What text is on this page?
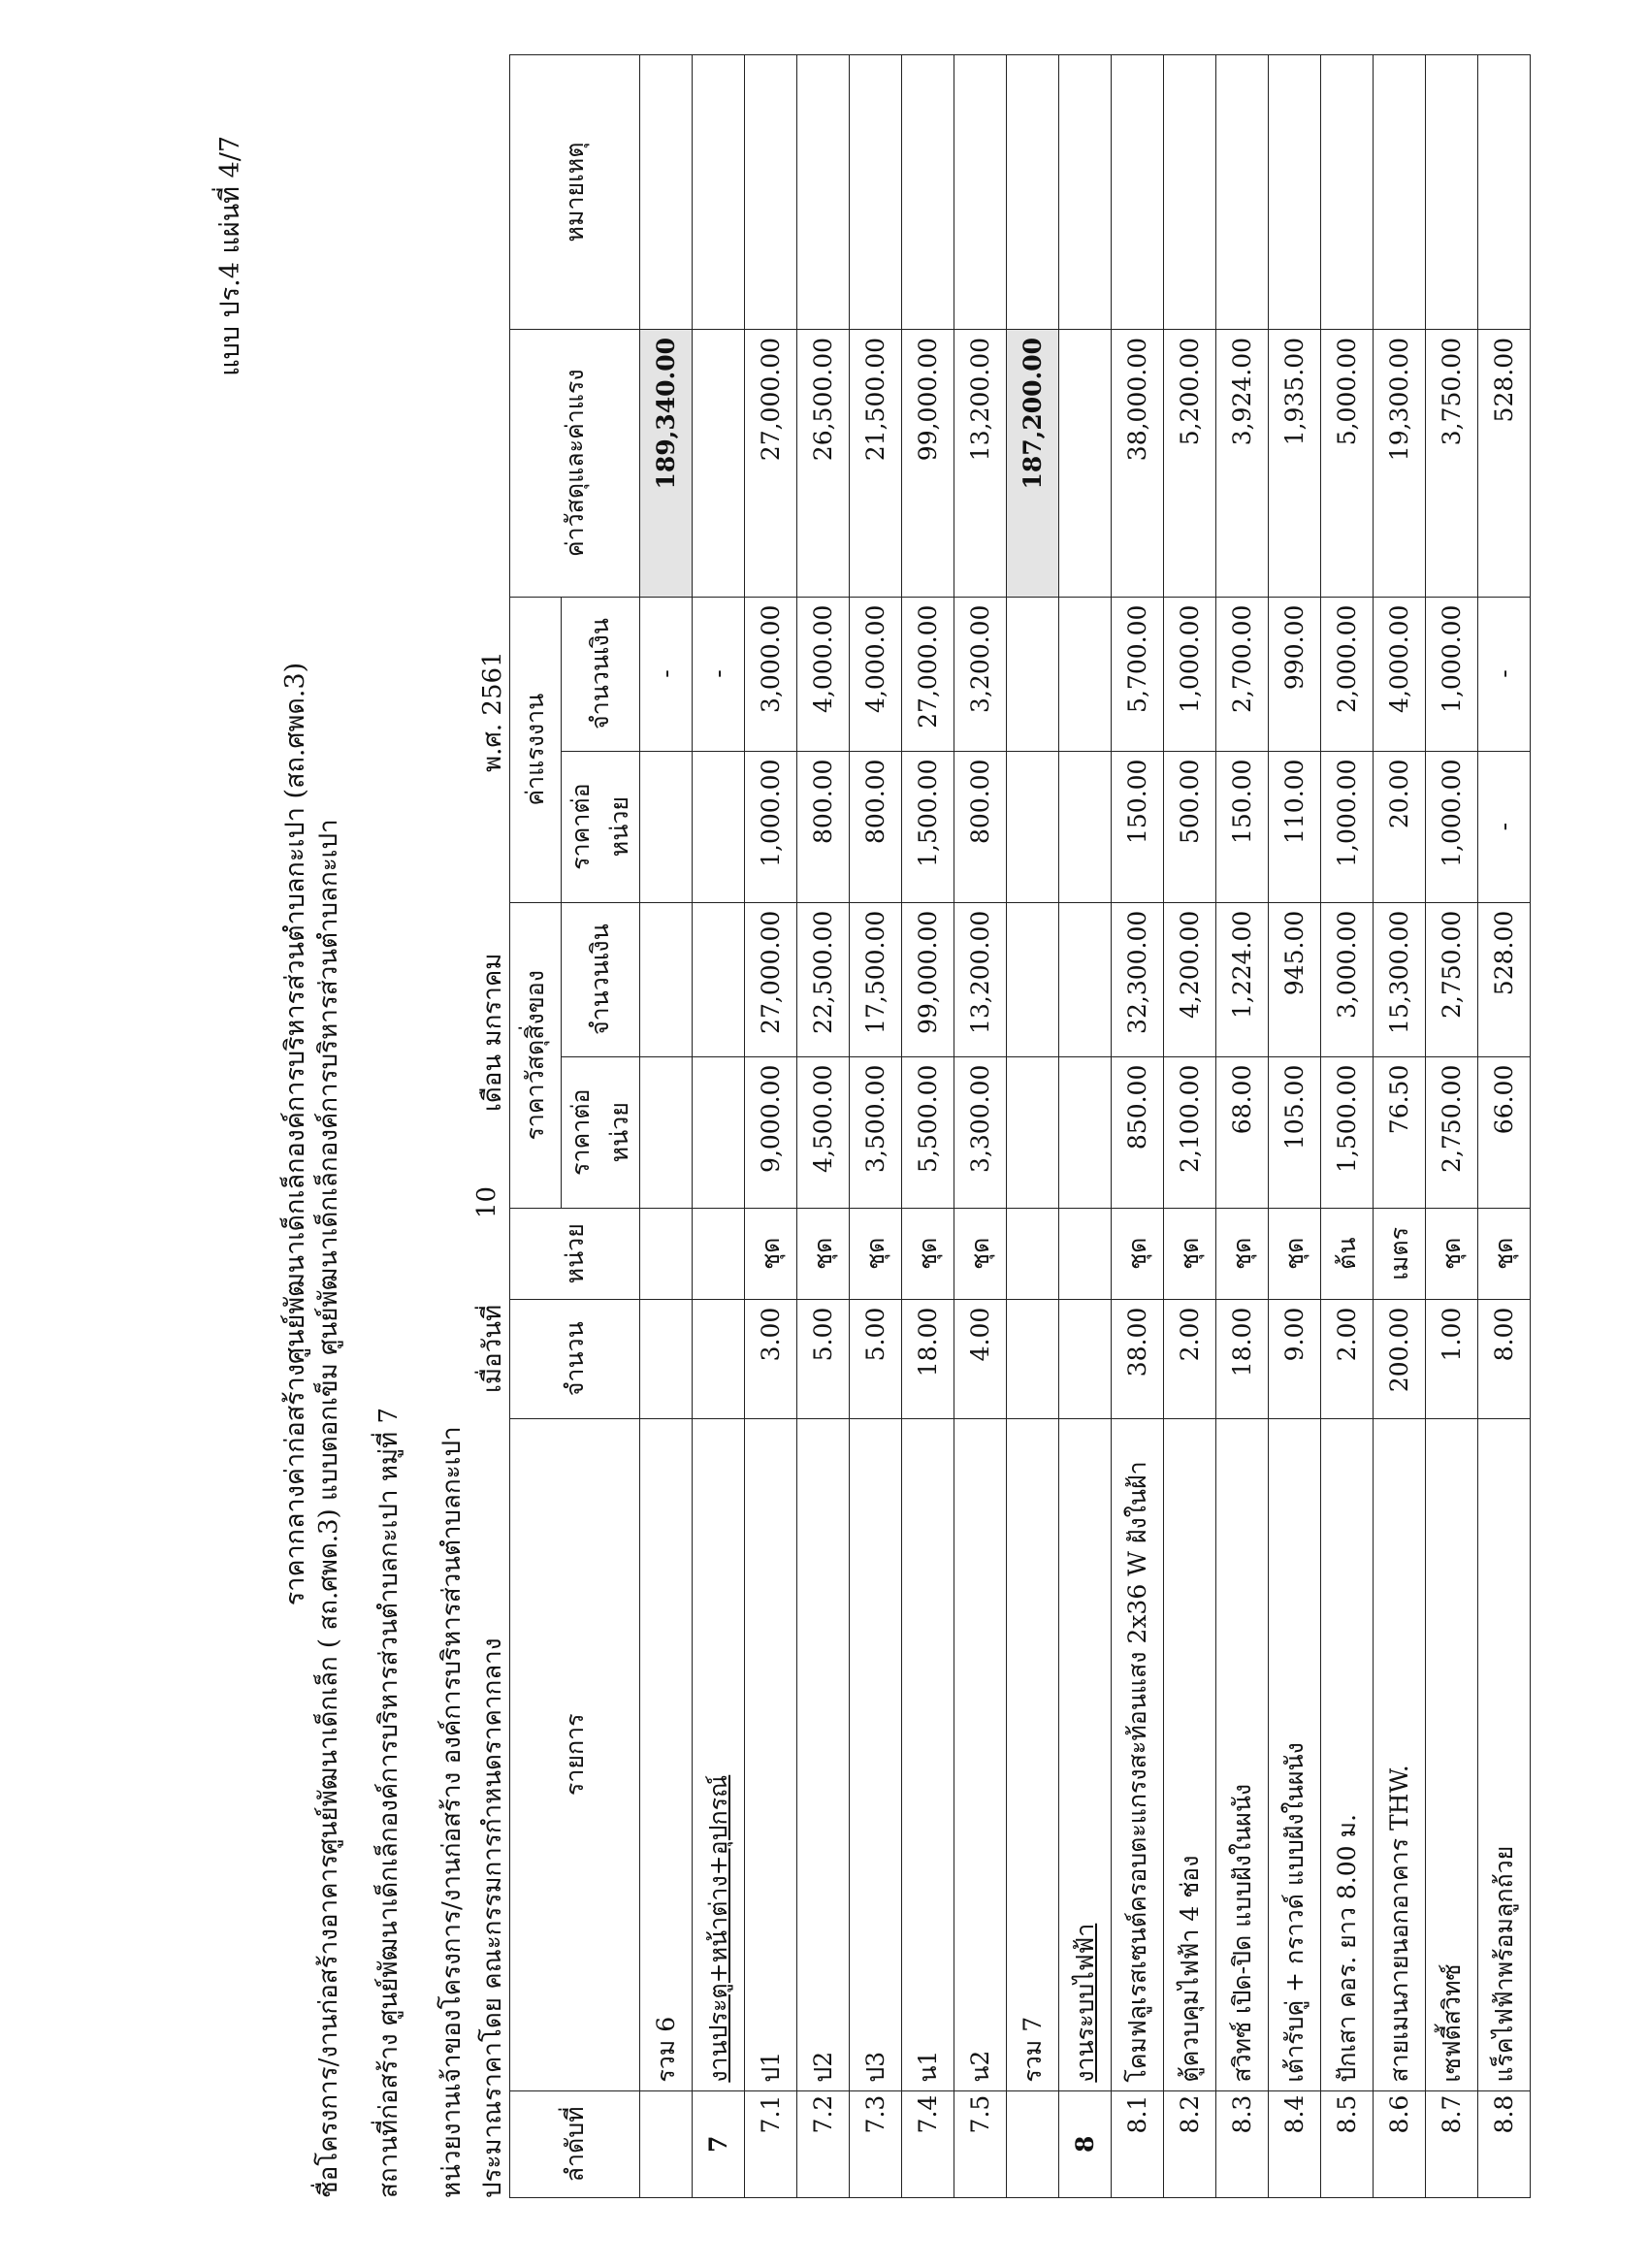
แบบ ปร.4 แผ่นที่ 4/7
ราคากลางค่าก่อสร้างศูนย์พัฒนาเด็กเล็กองค์การบริหารส่วนตำบลกะเปา (สถ.ศพด.3) ชื่อโครงการ/งานก่อสร้างอาคารศูนย์พัฒนาเด็กเล็ก ( สถ.ศพด.3) แบบตอกเข็ม ศูนย์พัฒนาเด็กเล็กองค์การบริหารส่วนตำบลกะเปา สถานที่ก่อสร้าง ศูนย์พัฒนาเด็กเล็กองค์การบริหารส่วนตำบลกะเปา หมู่ที่ 7 หน่วยงานเจ้าของโครงการ/งานก่อสร้าง องค์การบริหารส่วนตำบลกะเปา ประมาณราคาโดย คณะกรรมการกำหนดราคากลาง
เมื่อวันที่
10
เดือน มกราคม
พ.ศ. 2561
ลำดับที่	รายการ	จำนวน	หน่วย	ราคาวัสดุสิ่งของ		ค่าแรงงาน		ค่าวัสดุและค่าแรง	หมายเหตุ
				ราคาต่อหน่วย	จำนวนเงิน	ราคาต่อหน่วย	จำนวนเงิน		
	รวม 6						-	189,340.00	
7	งานประตู+หน้าต่าง+อุปกรณ์						-		
7.1	ป1	3.00	ชุด	9,000.00	27,000.00	1,000.00	3,000.00	27,000.00	
7.2	ป2	5.00	ชุด	4,500.00	22,500.00	800.00	4,000.00	26,500.00	
7.3	ป3	5.00	ชุด	3,500.00	17,500.00	800.00	4,000.00	21,500.00	
7.4	น1	18.00	ชุด	5,500.00	99,000.00	1,500.00	27,000.00	99,000.00	
7.5	น2	4.00	ชุด	3,300.00	13,200.00	800.00	3,200.00	13,200.00	
	รวม 7							187,200.00	
8	งานระบบไฟฟ้า								
8.1	โคมฟลูเรสเซนต์ครอบตะแกรงสะท้อนแสง 2x36 W ฝังในฝ้า	38.00	ชุด	850.00	32,300.00	150.00	5,700.00	38,000.00	
8.2	ตู้ควบคุมไฟฟ้า 4 ช่อง	2.00	ชุด	2,100.00	4,200.00	500.00	1,000.00	5,200.00	
8.3	สวิทซ์ เปิด-ปิด แบบฝังในผนัง	18.00	ชุด	68.00	1,224.00	150.00	2,700.00	3,924.00	
8.4	เต้ารับคู่ + กราวด์ แบบฝังในผนัง	9.00	ชุด	105.00	945.00	110.00	990.00	1,935.00	
8.5	ปักเสา คอร. ยาว 8.00 ม.	2.00	ต้น	1,500.00	3,000.00	1,000.00	2,000.00	5,000.00	
8.6	สายเมนภายนอกอาคาร THW.	200.00	เมตร	76.50	15,300.00	20.00	4,000.00	19,300.00	
8.7	เซฟตี้สวิทซ์	1.00	ชุด	2,750.00	2,750.00	1,000.00	1,000.00	3,750.00	
8.8	แร็คไฟฟ้าพร้อมลูกถ้วย	8.00	ชุด	66.00	528.00	-	-	528.00	
